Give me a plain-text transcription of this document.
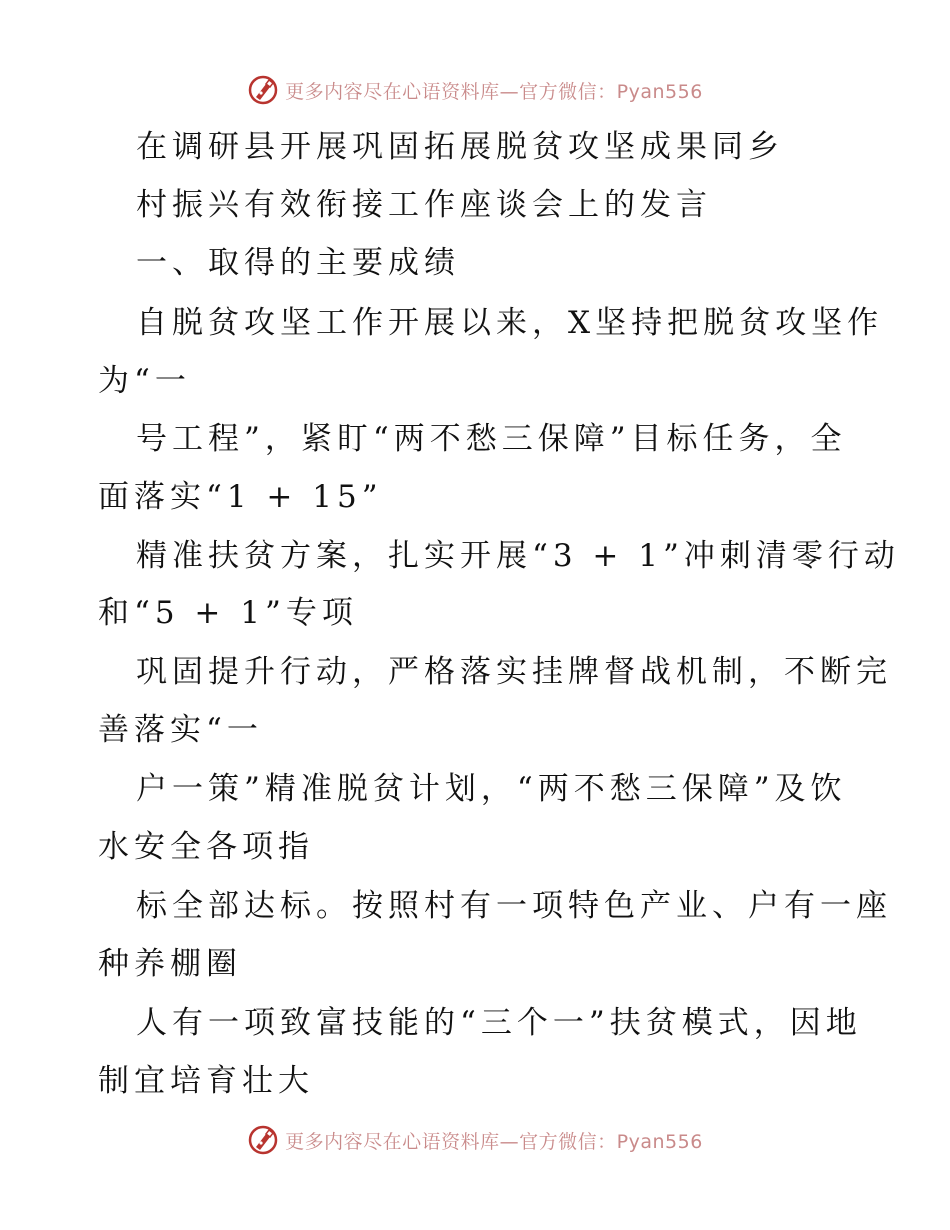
更多内容尽在心语资料库—官方微信：Pyan556
在调研县开展巩固拓展脱贫攻坚成果同乡
村振兴有效衔接工作座谈会上的发言
一、取得的主要成绩
自脱贫攻坚工作开展以来，X坚持把脱贫攻坚作
为“一
号工程”，紧盯“两不愁三保障”目标任务，全
面落实“1 + 15”
精准扶贫方案，扎实开展“3 + 1”冲刺清零行动
和“5 + 1”专项
巩固提升行动，严格落实挂牌督战机制，不断完
善落实“一
户一策”精准脱贫计划，“两不愁三保障”及饮
水安全各项指
标全部达标。按照村有一项特色产业、户有一座
种养棚圈
人有一项致富技能的“三个一”扶贫模式，因地
制宜培育壮大
更多内容尽在心语资料库—官方微信：Pyan556
